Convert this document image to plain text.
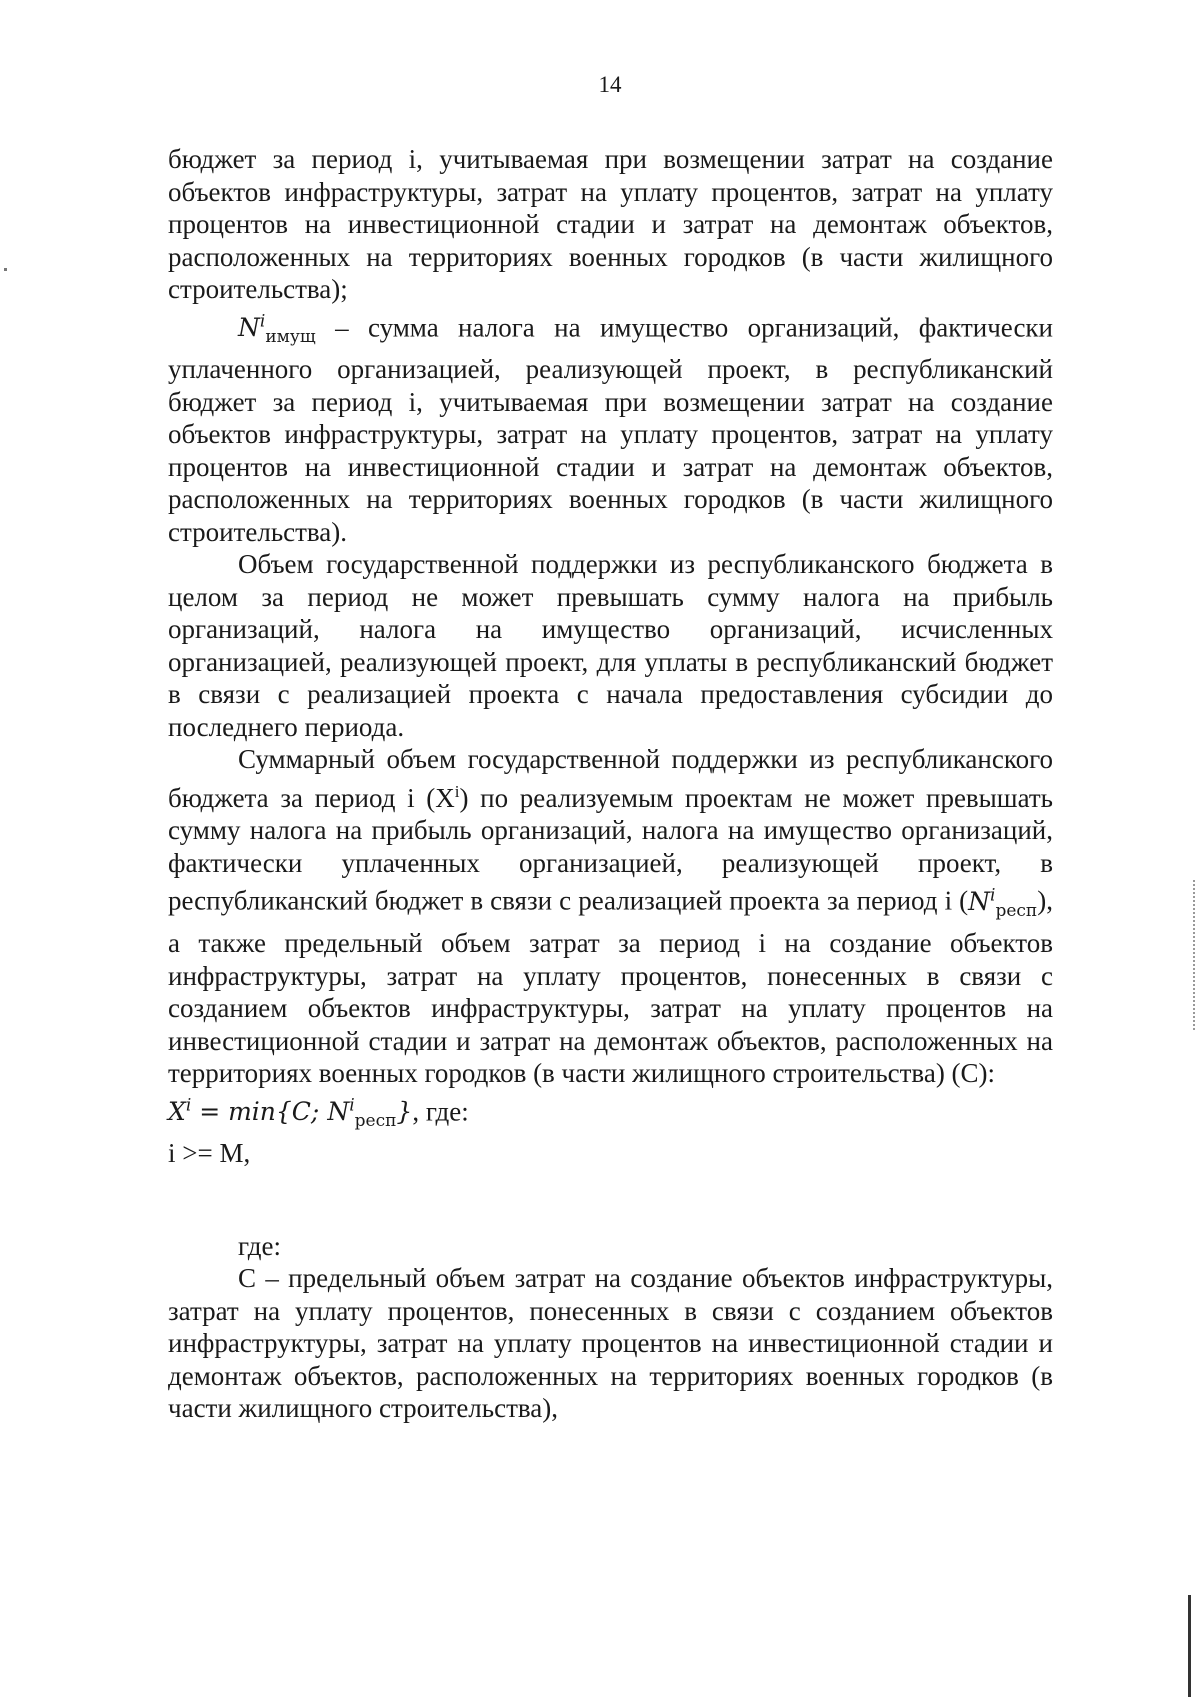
14

бюджет за период i, учитываемая при возмещении затрат на создание объектов инфраструктуры, затрат на уплату процентов, затрат на уплату процентов на инвестиционной стадии и затрат на демонтаж объектов, расположенных на территориях военных городков (в части жилищного строительства);

$N^i_{имущ}$ – сумма налога на имущество организаций, фактически уплаченного организацией, реализующей проект, в республиканский бюджет за период i, учитываемая при возмещении затрат на создание объектов инфраструктуры, затрат на уплату процентов, затрат на уплату процентов на инвестиционной стадии и затрат на демонтаж объектов, расположенных на территориях военных городков (в части жилищного строительства).

Объем государственной поддержки из республиканского бюджета в целом за период не может превышать сумму налога на прибыль организаций, налога на имущество организаций, исчисленных организацией, реализующей проект, для уплаты в республиканский бюджет в связи с реализацией проекта с начала предоставления субсидии до последнего периода.

Суммарный объем государственной поддержки из республиканского бюджета за период i $(X^i)$ по реализуемым проектам не может превышать сумму налога на прибыль организаций, налога на имущество организаций, фактически уплаченных организацией, реализующей проект, в республиканский бюджет в связи с реализацией проекта за период i $(N^i_{респ})$, а также предельный объем затрат за период i на создание объектов инфраструктуры, затрат на уплату процентов, понесенных в связи с созданием объектов инфраструктуры, затрат на уплату процентов на инвестиционной стадии и затрат на демонтаж объектов, расположенных на территориях военных городков (в части жилищного строительства) (C):

$X^i = \min\{C$; $N^i_{респ}$}, где:

i >= M,

где:

C – предельный объем затрат на создание объектов инфраструктуры, затрат на уплату процентов, понесенных в связи с созданием объектов инфраструктуры, затрат на уплату процентов на инвестиционной стадии и демонтаж объектов, расположенных на территориях военных городков (в части жилищного строительства),
